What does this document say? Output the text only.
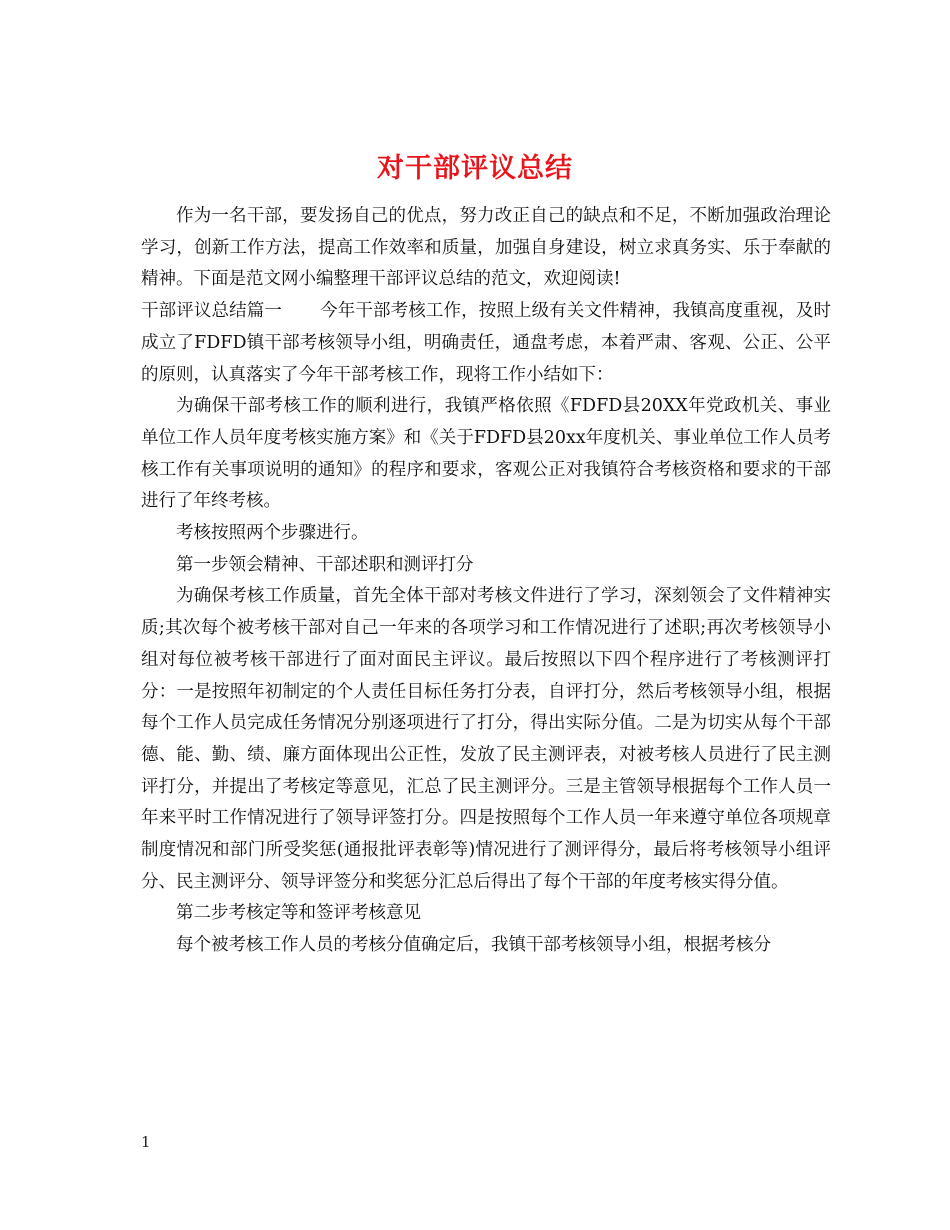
对干部评议总结

作为一名干部，要发扬自己的优点，努力改正自己的缺点和不足，不断加强政治理论学习，创新工作方法，提高工作效率和质量，加强自身建设，树立求真务实、乐于奉献的精神。下面是范文网小编整理干部评议总结的范文，欢迎阅读!

干部评议总结篇一 今年干部考核工作，按照上级有关文件精神，我镇高度重视，及时成立了FDFD镇干部考核领导小组，明确责任，通盘考虑，本着严肃、客观、公正、公平的原则，认真落实了今年干部考核工作，现将工作小结如下：

为确保干部考核工作的顺利进行，我镇严格依照《FDFD县20XX年党政机关、事业单位工作人员年度考核实施方案》和《关于FDFD县20xx年度机关、事业单位工作人员考核工作有关事项说明的通知》的程序和要求，客观公正对我镇符合考核资格和要求的干部进行了年终考核。

考核按照两个步骤进行。

第一步领会精神、干部述职和测评打分

为确保考核工作质量，首先全体干部对考核文件进行了学习，深刻领会了文件精神实质;其次每个被考核干部对自己一年来的各项学习和工作情况进行了述职;再次考核领导小组对每位被考核干部进行了面对面民主评议。最后按照以下四个程序进行了考核测评打分：一是按照年初制定的个人责任目标任务打分表，自评打分，然后考核领导小组，根据每个工作人员完成任务情况分别逐项进行了打分，得出实际分值。二是为切实从每个干部德、能、勤、绩、廉方面体现出公正性，发放了民主测评表，对被考核人员进行了民主测评打分，并提出了考核定等意见，汇总了民主测评分。三是主管领导根据每个工作人员一年来平时工作情况进行了领导评签打分。四是按照每个工作人员一年来遵守单位各项规章制度情况和部门所受奖惩(通报批评表彰等)情况进行了测评得分，最后将考核领导小组评分、民主测评分、领导评签分和奖惩分汇总后得出了每个干部的年度考核实得分值。

第二步考核定等和签评考核意见

每个被考核工作人员的考核分值确定后，我镇干部考核领导小组，根据考核分

1
